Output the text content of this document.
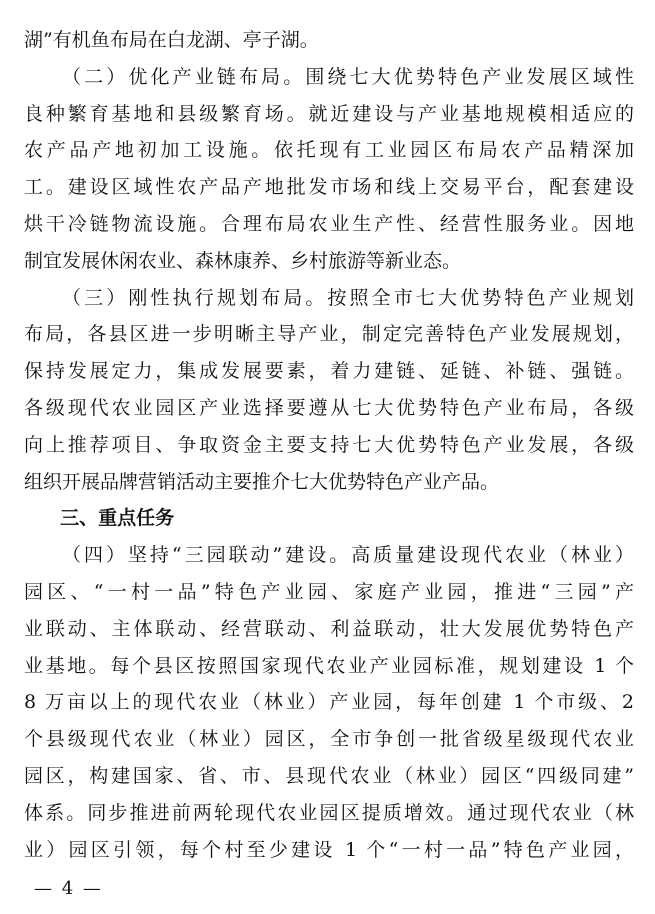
湖”有机鱼布局在白龙湖、亭子湖。
（二）优化产业链布局。围绕七大优势特色产业发展区域性
良种繁育基地和县级繁育场。就近建设与产业基地规模相适应的
农产品产地初加工设施。依托现有工业园区布局农产品精深加
工。建设区域性农产品产地批发市场和线上交易平台，配套建设
烘干冷链物流设施。合理布局农业生产性、经营性服务业。因地
制宜发展休闲农业、森林康养、乡村旅游等新业态。
（三）刚性执行规划布局。按照全市七大优势特色产业规划
布局，各县区进一步明晰主导产业，制定完善特色产业发展规划，
保持发展定力，集成发展要素，着力建链、延链、补链、强链。
各级现代农业园区产业选择要遵从七大优势特色产业布局，各级
向上推荐项目、争取资金主要支持七大优势特色产业发展，各级
组织开展品牌营销活动主要推介七大优势特色产业产品。
三、重点任务
（四）坚持“三园联动”建设。高质量建设现代农业（林业）
园区、“一村一品”特色产业园、家庭产业园，推进“三园”产
业联动、主体联动、经营联动、利益联动，壮大发展优势特色产
业基地。每个县区按照国家现代农业产业园标准，规划建设 1 个
8 万亩以上的现代农业（林业）产业园，每年创建 1 个市级、2
个县级现代农业（林业）园区，全市争创一批省级星级现代农业
园区，构建国家、省、市、县现代农业（林业）园区“四级同建”
体系。同步推进前两轮现代农业园区提质增效。通过现代农业（林
业）园区引领，每个村至少建设 1 个“一村一品”特色产业园，
— 4 —
